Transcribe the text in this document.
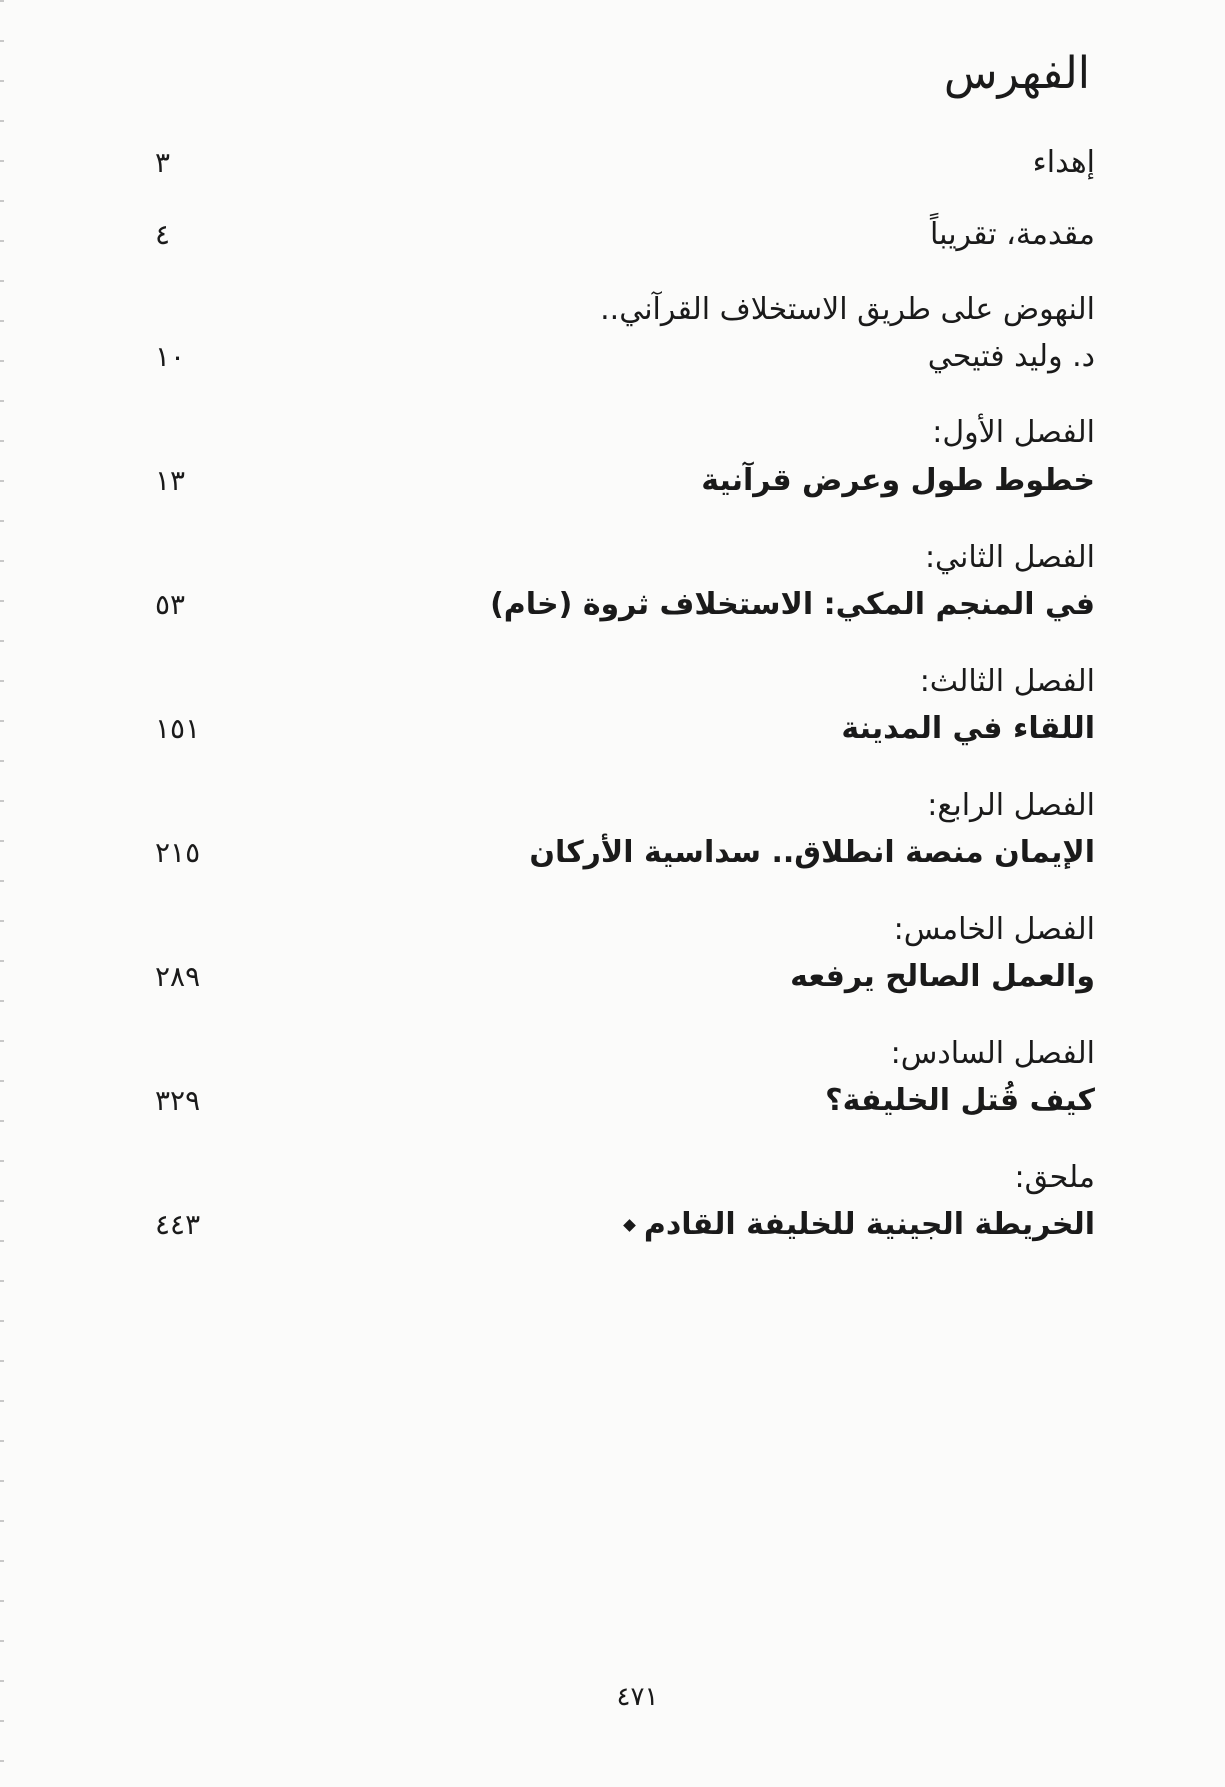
الفهرس
إهداء
٣
مقدمة، تقريباً
٤
النهوض على طريق الاستخلاف القرآني..
د. وليد فتيحي
١٠
الفصل الأول:
خطوط طول وعرض قرآنية
١٣
الفصل الثاني:
في المنجم المكي: الاستخلاف ثروة (خام)
٥٣
الفصل الثالث:
اللقاء في المدينة
١٥١
الفصل الرابع:
الإيمان منصة انطلاق.. سداسية الأركان
٢١٥
الفصل الخامس:
والعمل الصالح يرفعه
٢٨٩
الفصل السادس:
كيف قُتل الخليفة؟
٣٢٩
ملحق:
الخريطة الجينية للخليفة القادم
٤٤٣
٤٧١
